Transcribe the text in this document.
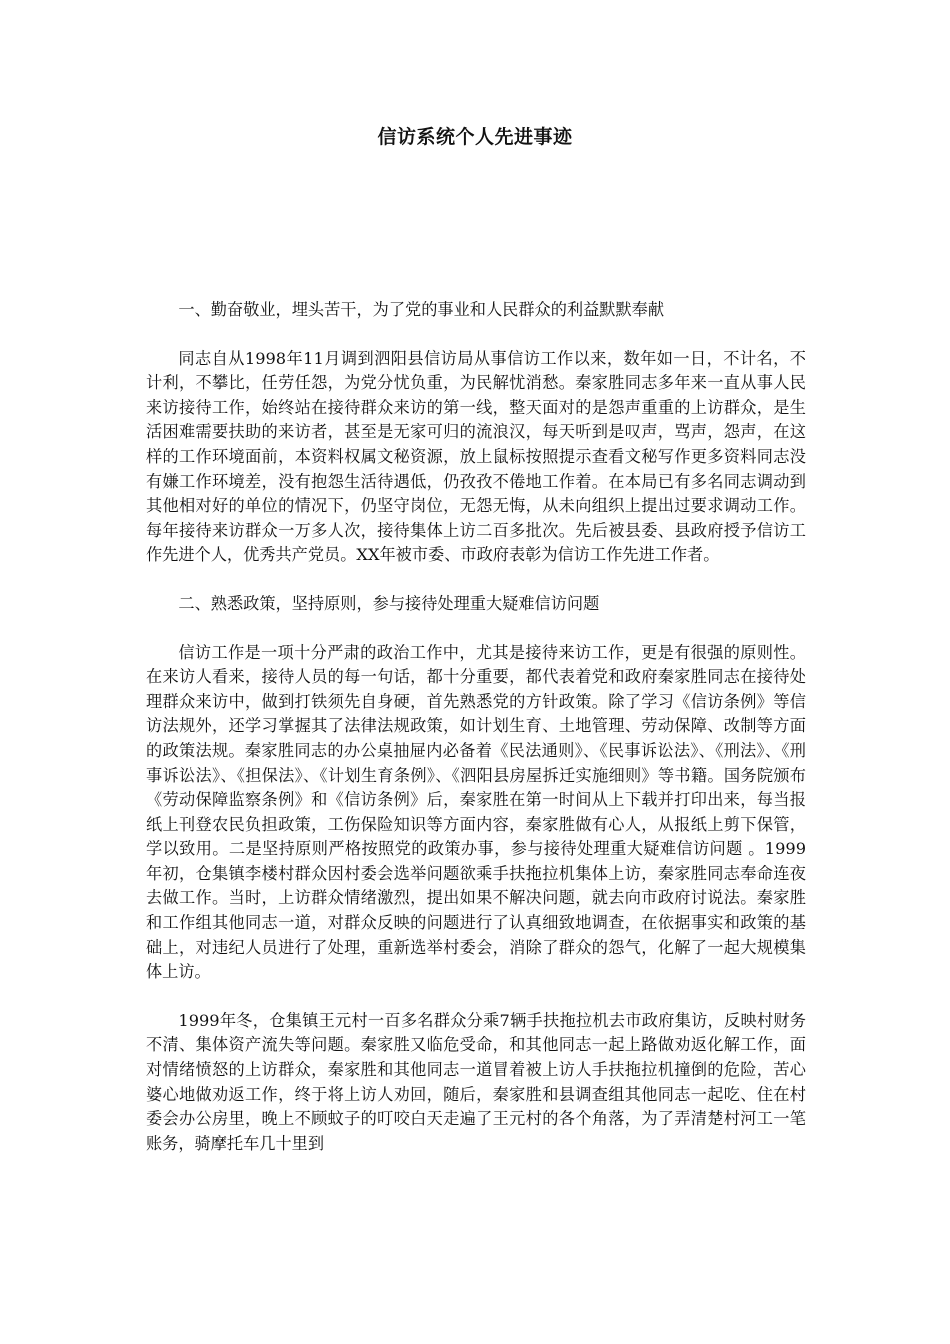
信访系统个人先进事迹

一、勤奋敬业，埋头苦干，为了党的事业和人民群众的利益默默奉献

同志自从1998年11月调到泗阳县信访局从事信访工作以来，数年如一日，不计名，不计利，不攀比，任劳任怨，为党分忧负重，为民解忧消愁。秦家胜同志多年来一直从事人民来访接待工作，始终站在接待群众来访的第一线，整天面对的是怨声重重的上访群众，是生活困难需要扶助的来访者，甚至是无家可归的流浪汉，每天听到是叹声，骂声，怨声，在这样的工作环境面前，本资料权属文秘资源，放上鼠标按照提示查看文秘写作更多资料同志没有嫌工作环境差，没有抱怨生活待遇低，仍孜孜不倦地工作着。在本局已有多名同志调动到其他相对好的单位的情况下，仍坚守岗位，无怨无悔，从未向组织上提出过要求调动工作。每年接待来访群众一万多人次，接待集体上访二百多批次。先后被县委、县政府授予信访工作先进个人，优秀共产党员。XX年被市委、市政府表彰为信访工作先进工作者。

二、熟悉政策，坚持原则，参与接待处理重大疑难信访问题

信访工作是一项十分严肃的政治工作中，尤其是接待来访工作，更是有很强的原则性。在来访人看来，接待人员的每一句话，都十分重要，都代表着党和政府秦家胜同志在接待处理群众来访中，做到打铁须先自身硬，首先熟悉党的方针政策。除了学习《信访条例》等信访法规外，还学习掌握其了法律法规政策，如计划生育、土地管理、劳动保障、改制等方面的政策法规。秦家胜同志的办公桌抽屉内必备着《民法通则》、《民事诉讼法》、《刑法》、《刑事诉讼法》、《担保法》、《计划生育条例》、《泗阳县房屋拆迁实施细则》等书籍。国务院颁布《劳动保障监察条例》和《信访条例》后，秦家胜在第一时间从上下载并打印出来，每当报纸上刊登农民负担政策，工伤保险知识等方面内容，秦家胜做有心人，从报纸上剪下保管，学以致用。二是坚持原则严格按照党的政策办事，参与接待处理重大疑难信访问题 。1999年初，仓集镇李楼村群众因村委会选举问题欲乘手扶拖拉机集体上访，秦家胜同志奉命连夜去做工作。当时，上访群众情绪激烈，提出如果不解决问题，就去向市政府讨说法。秦家胜和工作组其他同志一道，对群众反映的问题进行了认真细致地调查，在依据事实和政策的基础上，对违纪人员进行了处理，重新选举村委会，消除了群众的怨气，化解了一起大规模集体上访。

1999年冬，仓集镇王元村一百多名群众分乘7辆手扶拖拉机去市政府集访，反映村财务不清、集体资产流失等问题。秦家胜又临危受命，和其他同志一起上路做劝返化解工作，面对情绪愤怒的上访群众，秦家胜和其他同志一道冒着被上访人手扶拖拉机撞倒的危险，苦心婆心地做劝返工作，终于将上访人劝回，随后，秦家胜和县调查组其他同志一起吃、住在村委会办公房里，晚上不顾蚊子的叮咬白天走遍了王元村的各个角落，为了弄清楚村河工一笔账务，骑摩托车几十里到
